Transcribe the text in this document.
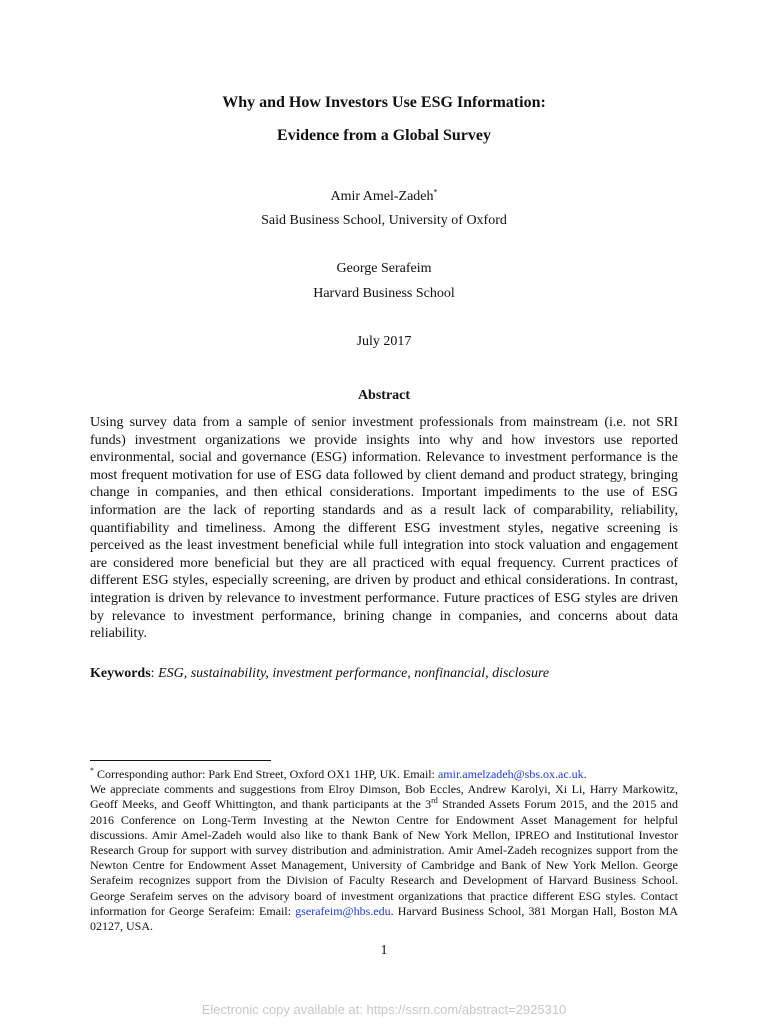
Why and How Investors Use ESG Information:
Evidence from a Global Survey
Amir Amel-Zadeh*
Said Business School, University of Oxford
George Serafeim
Harvard Business School
July 2017
Abstract

Using survey data from a sample of senior investment professionals from mainstream (i.e. not SRI funds) investment organizations we provide insights into why and how investors use reported environmental, social and governance (ESG) information. Relevance to investment performance is the most frequent motivation for use of ESG data followed by client demand and product strategy, bringing change in companies, and then ethical considerations. Important impediments to the use of ESG information are the lack of reporting standards and as a result lack of comparability, reliability, quantifiability and timeliness. Among the different ESG investment styles, negative screening is perceived as the least investment beneficial while full integration into stock valuation and engagement are considered more beneficial but they are all practiced with equal frequency. Current practices of different ESG styles, especially screening, are driven by product and ethical considerations. In contrast, integration is driven by relevance to investment performance. Future practices of ESG styles are driven by relevance to investment performance, brining change in companies, and concerns about data reliability.

Keywords: ESG, sustainability, investment performance, nonfinancial, disclosure

* Corresponding author: Park End Street, Oxford OX1 1HP, UK. Email: amir.amelzadeh@sbs.ox.ac.uk.

We appreciate comments and suggestions from Elroy Dimson, Bob Eccles, Andrew Karolyi, Xi Li, Harry Markowitz, Geoff Meeks, and Geoff Whittington, and thank participants at the 3rd Stranded Assets Forum 2015, and the 2015 and 2016 Conference on Long-Term Investing at the Newton Centre for Endowment Asset Management for helpful discussions. Amir Amel-Zadeh would also like to thank Bank of New York Mellon, IPREO and Institutional Investor Research Group for support with survey distribution and administration. Amir Amel-Zadeh recognizes support from the Newton Centre for Endowment Asset Management, University of Cambridge and Bank of New York Mellon. George Serafeim recognizes support from the Division of Faculty Research and Development of Harvard Business School. George Serafeim serves on the advisory board of investment organizations that practice different ESG styles. Contact information for George Serafeim: Email: gserafeim@hbs.edu. Harvard Business School, 381 Morgan Hall, Boston MA 02127, USA.

1
Electronic copy available at: https://ssrn.com/abstract=2925310
